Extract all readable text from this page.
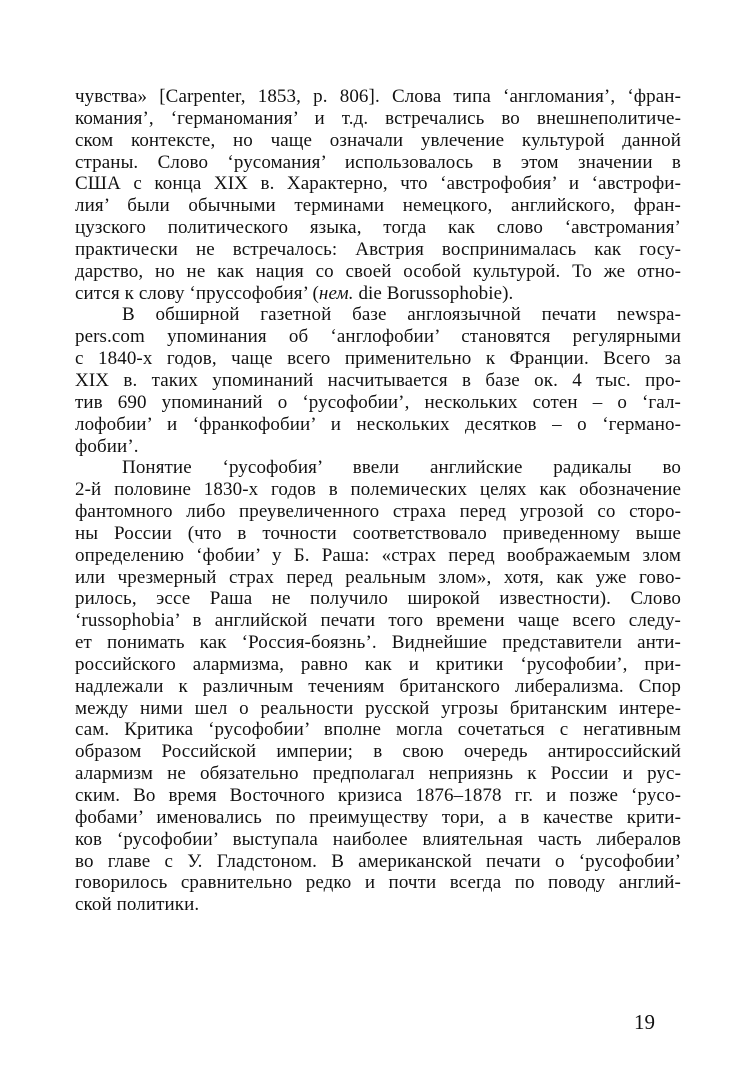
чувства» [Carpenter, 1853, p. 806]. Слова типа ‘англомания’, ‘фран-
комания’, ‘германомания’ и т.д. встречались во внешнеполитиче-
ском контексте, но чаще означали увлечение культурой данной
страны. Слово ‘русомания’ использовалось в этом значении в
США с конца XIX в. Характерно, что ‘австрофобия’ и ‘австрофи-
лия’ были обычными терминами немецкого, английского, фран-
цузского политического языка, тогда как слово ‘австромания’
практически не встречалось: Австрия воспринималась как госу-
дарство, но не как нация со своей особой культурой. То же отно-
сится к слову ‘пруссофобия’ (нем. die Borussophobie).
В обширной газетной базе англоязычной печати newspa-
pers.com упоминания об ‘англофобии’ становятся регулярными
с 1840-х годов, чаще всего применительно к Франции. Всего за
XIX в. таких упоминаний насчитывается в базе ок. 4 тыс. про-
тив 690 упоминаний о ‘русофобии’, нескольких сотен – о ‘гал-
лофобии’ и ‘франкофобии’ и нескольких десятков – о ‘германо-
фобии’.
Понятие ‘русофобия’ ввели английские радикалы во
2-й половине 1830-х годов в полемических целях как обозначение
фантомного либо преувеличенного страха перед угрозой со сторо-
ны России (что в точности соответствовало приведенному выше
определению ‘фобии’ у Б. Раша: «страх перед воображаемым злом
или чрезмерный страх перед реальным злом», хотя, как уже гово-
рилось, эссе Раша не получило широкой известности). Слово
‘russophobia’ в английской печати того времени чаще всего следу-
ет понимать как ‘Россия-боязнь’. Виднейшие представители анти-
российского алармизма, равно как и критики ‘русофобии’, при-
надлежали к различным течениям британского либерализма. Спор
между ними шел о реальности русской угрозы британским интере-
сам. Критика ‘русофобии’ вполне могла сочетаться с негативным
образом Российской империи; в свою очередь антироссийский
алармизм не обязательно предполагал неприязнь к России и рус-
ским. Во время Восточного кризиса 1876–1878 гг. и позже ‘русо-
фобами’ именовались по преимуществу тори, а в качестве крити-
ков ‘русофобии’ выступала наиболее влиятельная часть либералов
во главе с У. Гладстоном. В американской печати о ‘русофобии’
говорилось сравнительно редко и почти всегда по поводу англий-
ской политики.
19
